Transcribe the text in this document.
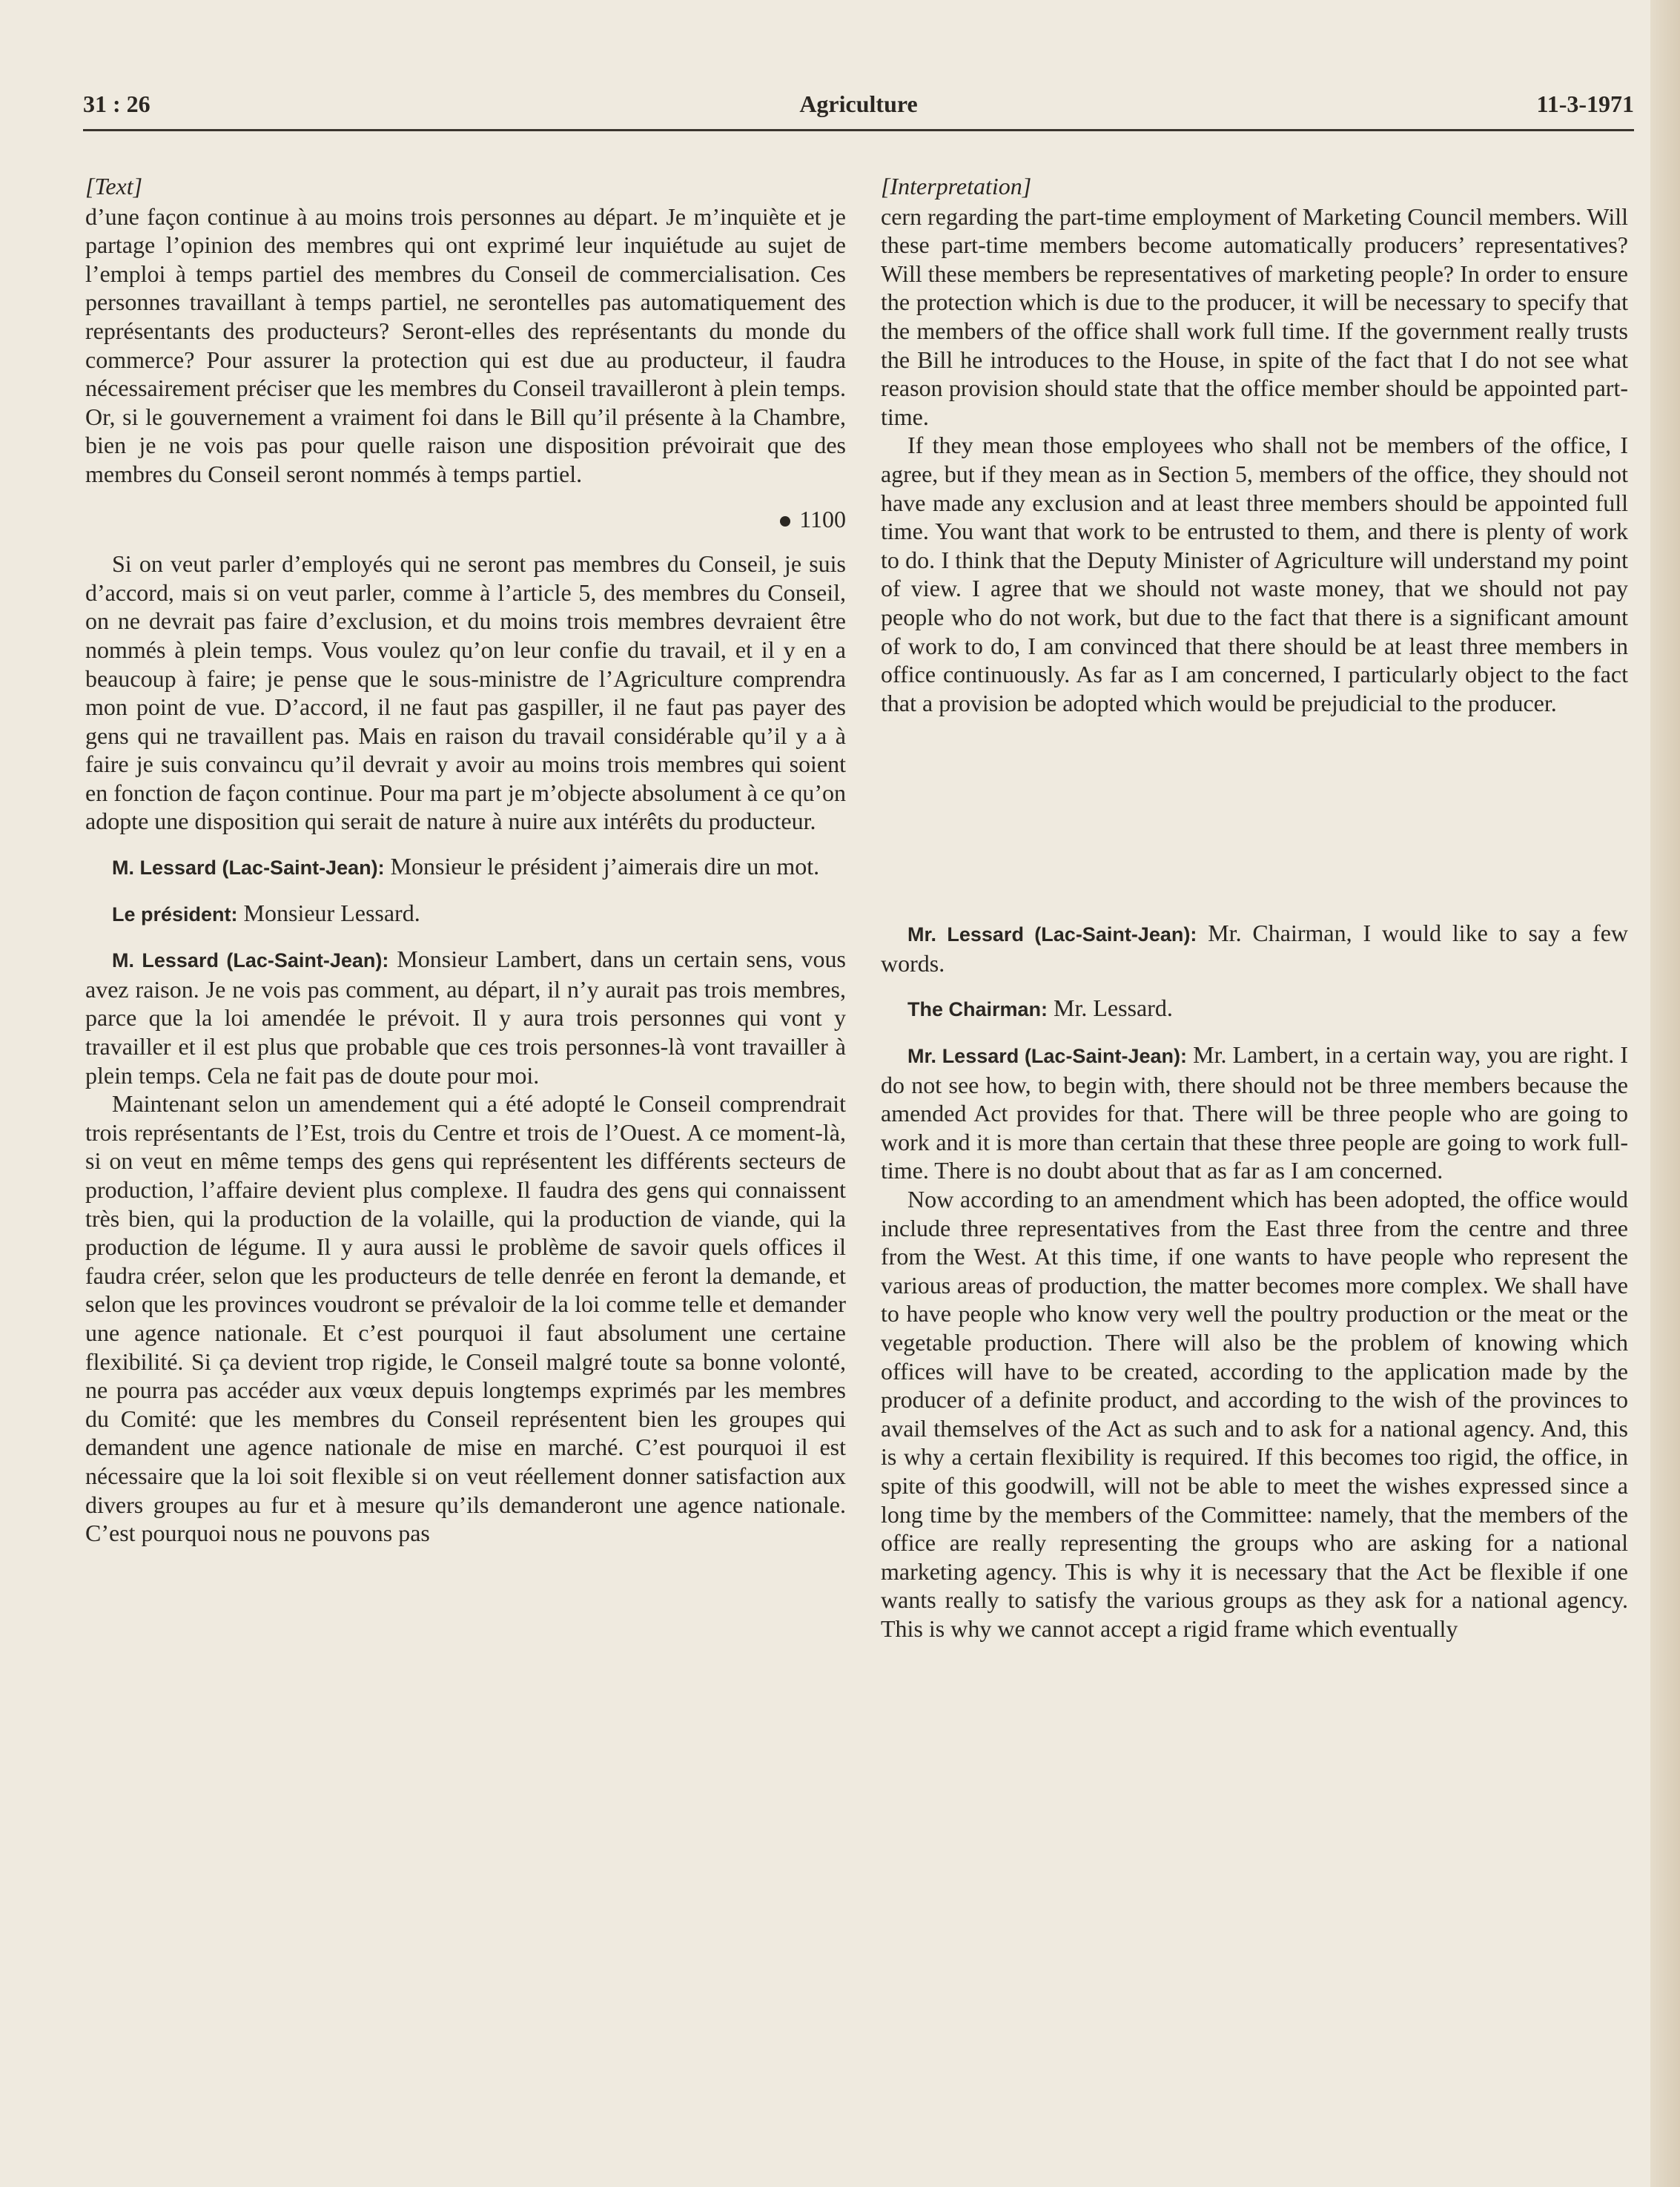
31 : 26	Agriculture	11-3-1971

[Text]

d’une façon continue à au moins trois personnes au départ. Je m’inquiète et je partage l’opinion des membres qui ont exprimé leur inquiétude au sujet de l’emploi à temps partiel des membres du Conseil de commercialisation. Ces personnes travaillant à temps partiel, ne serontelles pas automatiquement des représentants des producteurs? Seront-elles des représentants du monde du commerce? Pour assurer la protection qui est due au producteur, il faudra nécessairement préciser que les membres du Conseil travailleront à plein temps. Or, si le gouvernement a vraiment foi dans le Bill qu’il présente à la Chambre, bien je ne vois pas pour quelle raison une disposition prévoirait que des membres du Conseil seront nommés à temps partiel.

1100

Si on veut parler d’employés qui ne seront pas membres du Conseil, je suis d’accord, mais si on veut parler, comme à l’article 5, des membres du Conseil, on ne devrait pas faire d’exclusion, et du moins trois membres devraient être nommés à plein temps. Vous voulez qu’on leur confie du travail, et il y en a beaucoup à faire; je pense que le sous-ministre de l’Agriculture comprendra mon point de vue. D’accord, il ne faut pas gaspiller, il ne faut pas payer des gens qui ne travaillent pas. Mais en raison du travail considérable qu’il y a à faire je suis convaincu qu’il devrait y avoir au moins trois membres qui soient en fonction de façon continue. Pour ma part je m’objecte absolument à ce qu’on adopte une disposition qui serait de nature à nuire aux intérêts du producteur.

M. Lessard (Lac-Saint-Jean): Monsieur le président j’aimerais dire un mot.

Le président: Monsieur Lessard.

M. Lessard (Lac-Saint-Jean): Monsieur Lambert, dans un certain sens, vous avez raison. Je ne vois pas comment, au départ, il n’y aurait pas trois membres, parce que la loi amendée le prévoit. Il y aura trois personnes qui vont y travailler et il est plus que probable que ces trois personnes-là vont travailler à plein temps. Cela ne fait pas de doute pour moi.

Maintenant selon un amendement qui a été adopté le Conseil comprendrait trois représentants de l’Est, trois du Centre et trois de l’Ouest. A ce moment-là, si on veut en même temps des gens qui représentent les différents secteurs de production, l’affaire devient plus complexe. Il faudra des gens qui connaissent très bien, qui la production de la volaille, qui la production de viande, qui la production de légume. Il y aura aussi le problème de savoir quels offices il faudra créer, selon que les producteurs de telle denrée en feront la demande, et selon que les provinces voudront se prévaloir de la loi comme telle et demander une agence nationale. Et c’est pourquoi il faut absolument une certaine flexibilité. Si ça devient trop rigide, le Conseil malgré toute sa bonne volonté, ne pourra pas accéder aux vœux depuis longtemps exprimés par les membres du Comité: que les membres du Conseil représentent bien les groupes qui demandent une agence nationale de mise en marché. C’est pourquoi il est nécessaire que la loi soit flexible si on veut réellement donner satisfaction aux divers groupes au fur et à mesure qu’ils demanderont une agence nationale. C’est pourquoi nous ne pouvons pas

[Interpretation]

cern regarding the part-time employment of Marketing Council members. Will these part-time members become automatically producers’ representatives? Will these members be representatives of marketing people? In order to ensure the protection which is due to the producer, it will be necessary to specify that the members of the office shall work full time. If the government really trusts the Bill he introduces to the House, in spite of the fact that I do not see what reason provision should state that the office member should be appointed part-time.

If they mean those employees who shall not be members of the office, I agree, but if they mean as in Section 5, members of the office, they should not have made any exclusion and at least three members should be appointed full time. You want that work to be entrusted to them, and there is plenty of work to do. I think that the Deputy Minister of Agriculture will understand my point of view. I agree that we should not waste money, that we should not pay people who do not work, but due to the fact that there is a significant amount of work to do, I am convinced that there should be at least three members in office continuously. As far as I am concerned, I particularly object to the fact that a provision be adopted which would be prejudicial to the producer.

Mr. Lessard (Lac-Saint-Jean): Mr. Chairman, I would like to say a few words.

The Chairman: Mr. Lessard.

Mr. Lessard (Lac-Saint-Jean): Mr. Lambert, in a certain way, you are right. I do not see how, to begin with, there should not be three members because the amended Act provides for that. There will be three people who are going to work and it is more than certain that these three people are going to work full-time. There is no doubt about that as far as I am concerned.

Now according to an amendment which has been adopted, the office would include three representatives from the East three from the centre and three from the West. At this time, if one wants to have people who represent the various areas of production, the matter becomes more complex. We shall have to have people who know very well the poultry production or the meat or the vegetable production. There will also be the problem of knowing which offices will have to be created, according to the application made by the producer of a definite product, and according to the wish of the provinces to avail themselves of the Act as such and to ask for a national agency. And, this is why a certain flexibility is required. If this becomes too rigid, the office, in spite of this goodwill, will not be able to meet the wishes expressed since a long time by the members of the Committee: namely, that the members of the office are really representing the groups who are asking for a national marketing agency. This is why it is necessary that the Act be flexible if one wants really to satisfy the various groups as they ask for a national agency. This is why we cannot accept a rigid frame which eventually
